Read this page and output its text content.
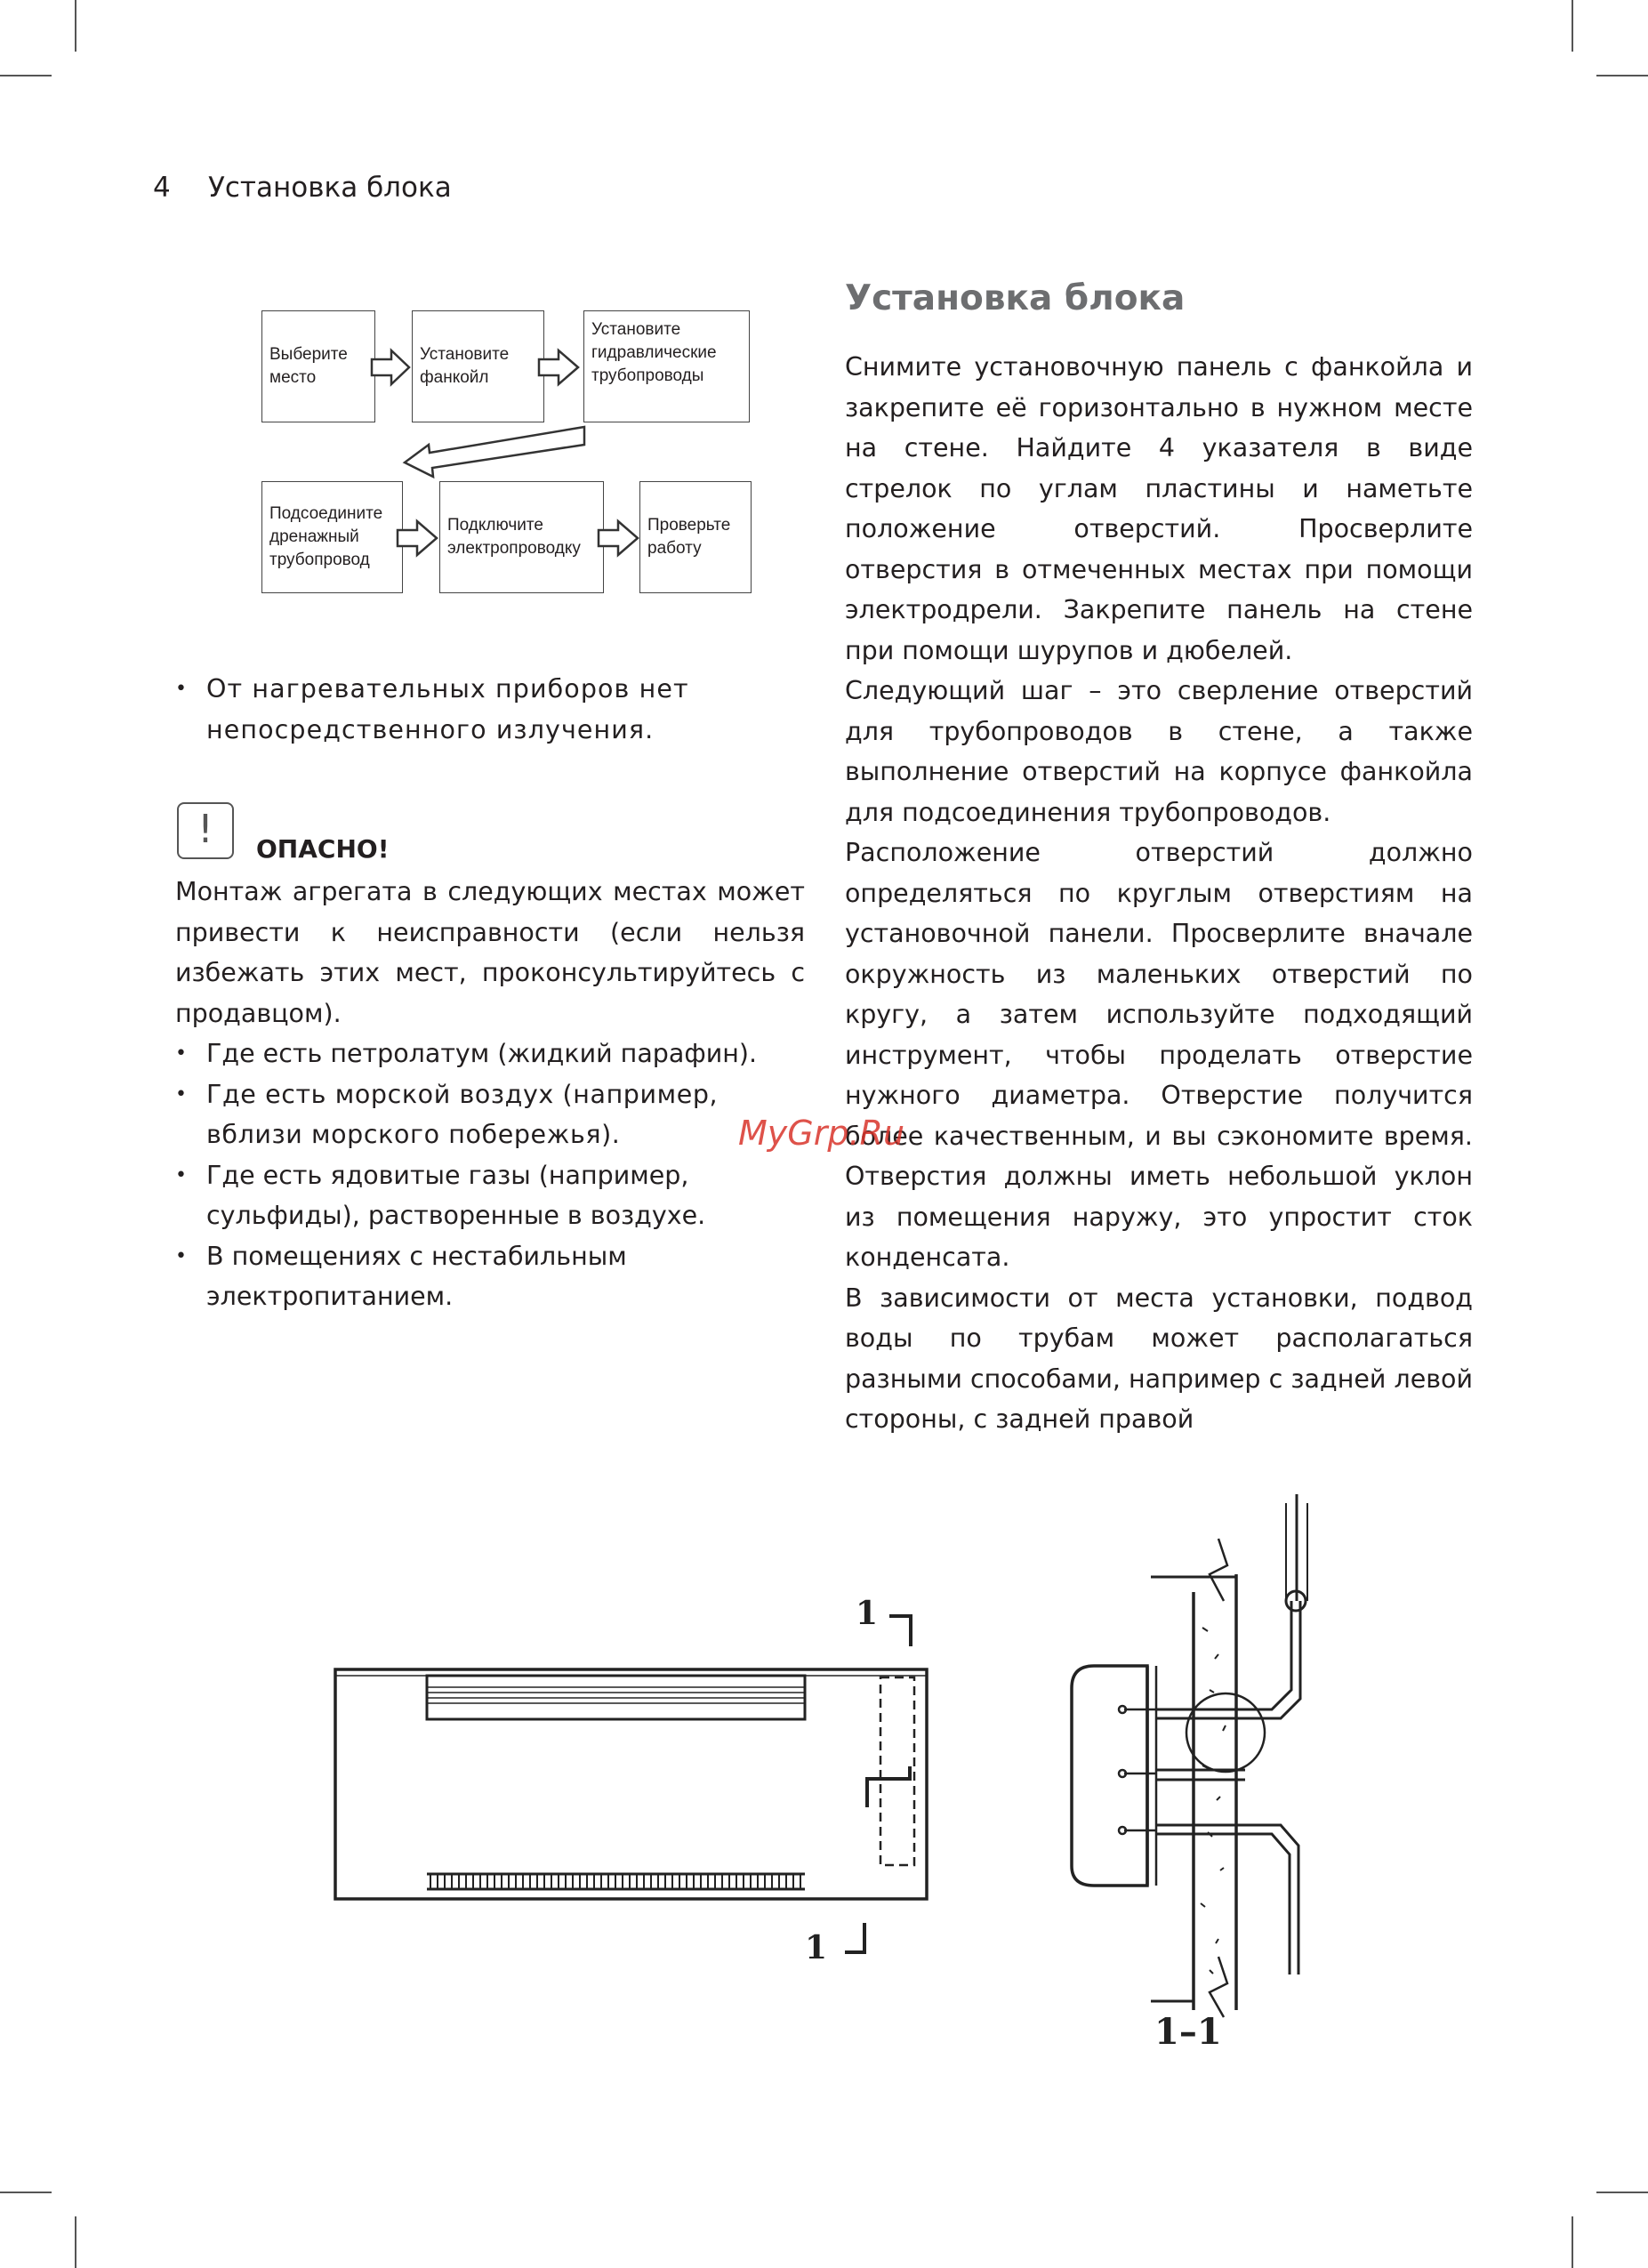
4 Установка блока
Выберите
место
Установите
фанкойл
Установите
гидравлические
трубопроводы
Подсоедините
дренажный
трубопровод
Подключите
электропроводку
Проверьте
работу

• От нагревательных приборов нет непосредственного излучения.

!	ОПАСНО!

Монтаж агрегата в следующих местах может привести к неисправности (если нельзя избежать этих мест, проконсультируйтесь с продавцом).

• Где есть петролатум (жидкий парафин).

• Где есть морской воздух (например, вблизи морского побережья).

• Где есть ядовитые газы (например, сульфиды), растворенные в воздухе.

• В помещениях с нестабильным электропитанием.

Установка блока

Снимите установочную панель с фанкойла и закрепите её горизонтально в нужном месте на стене. Найдите 4 указателя в виде стрелок по углам пластины и наметьте положение отверстий. Просверлите отверстия в отмеченных местах при помощи электродрели. Закрепите панель на стене при помощи шурупов и дюбелей.

Следующий шаг – это сверление отверстий для трубопроводов в стене, а также выполнение отверстий на корпусе фанкойла для подсоединения трубопроводов.

Расположение отверстий должно определяться по круглым отверстиям на установочной панели. Просверлите вначале окружность из маленьких отверстий по кругу, а затем используйте подходящий инструмент, чтобы проделать отверстие нужного диаметра. Отверстие получится более качественным, и вы сэкономите время. Отверстия должны иметь небольшой уклон из помещения наружу, это упростит сток конденсата.

В зависимости от места установки, подвод воды по трубам может располагаться разными способами, например с задней левой стороны, с задней правой

MyGrp.Ru
1
1
1–1
